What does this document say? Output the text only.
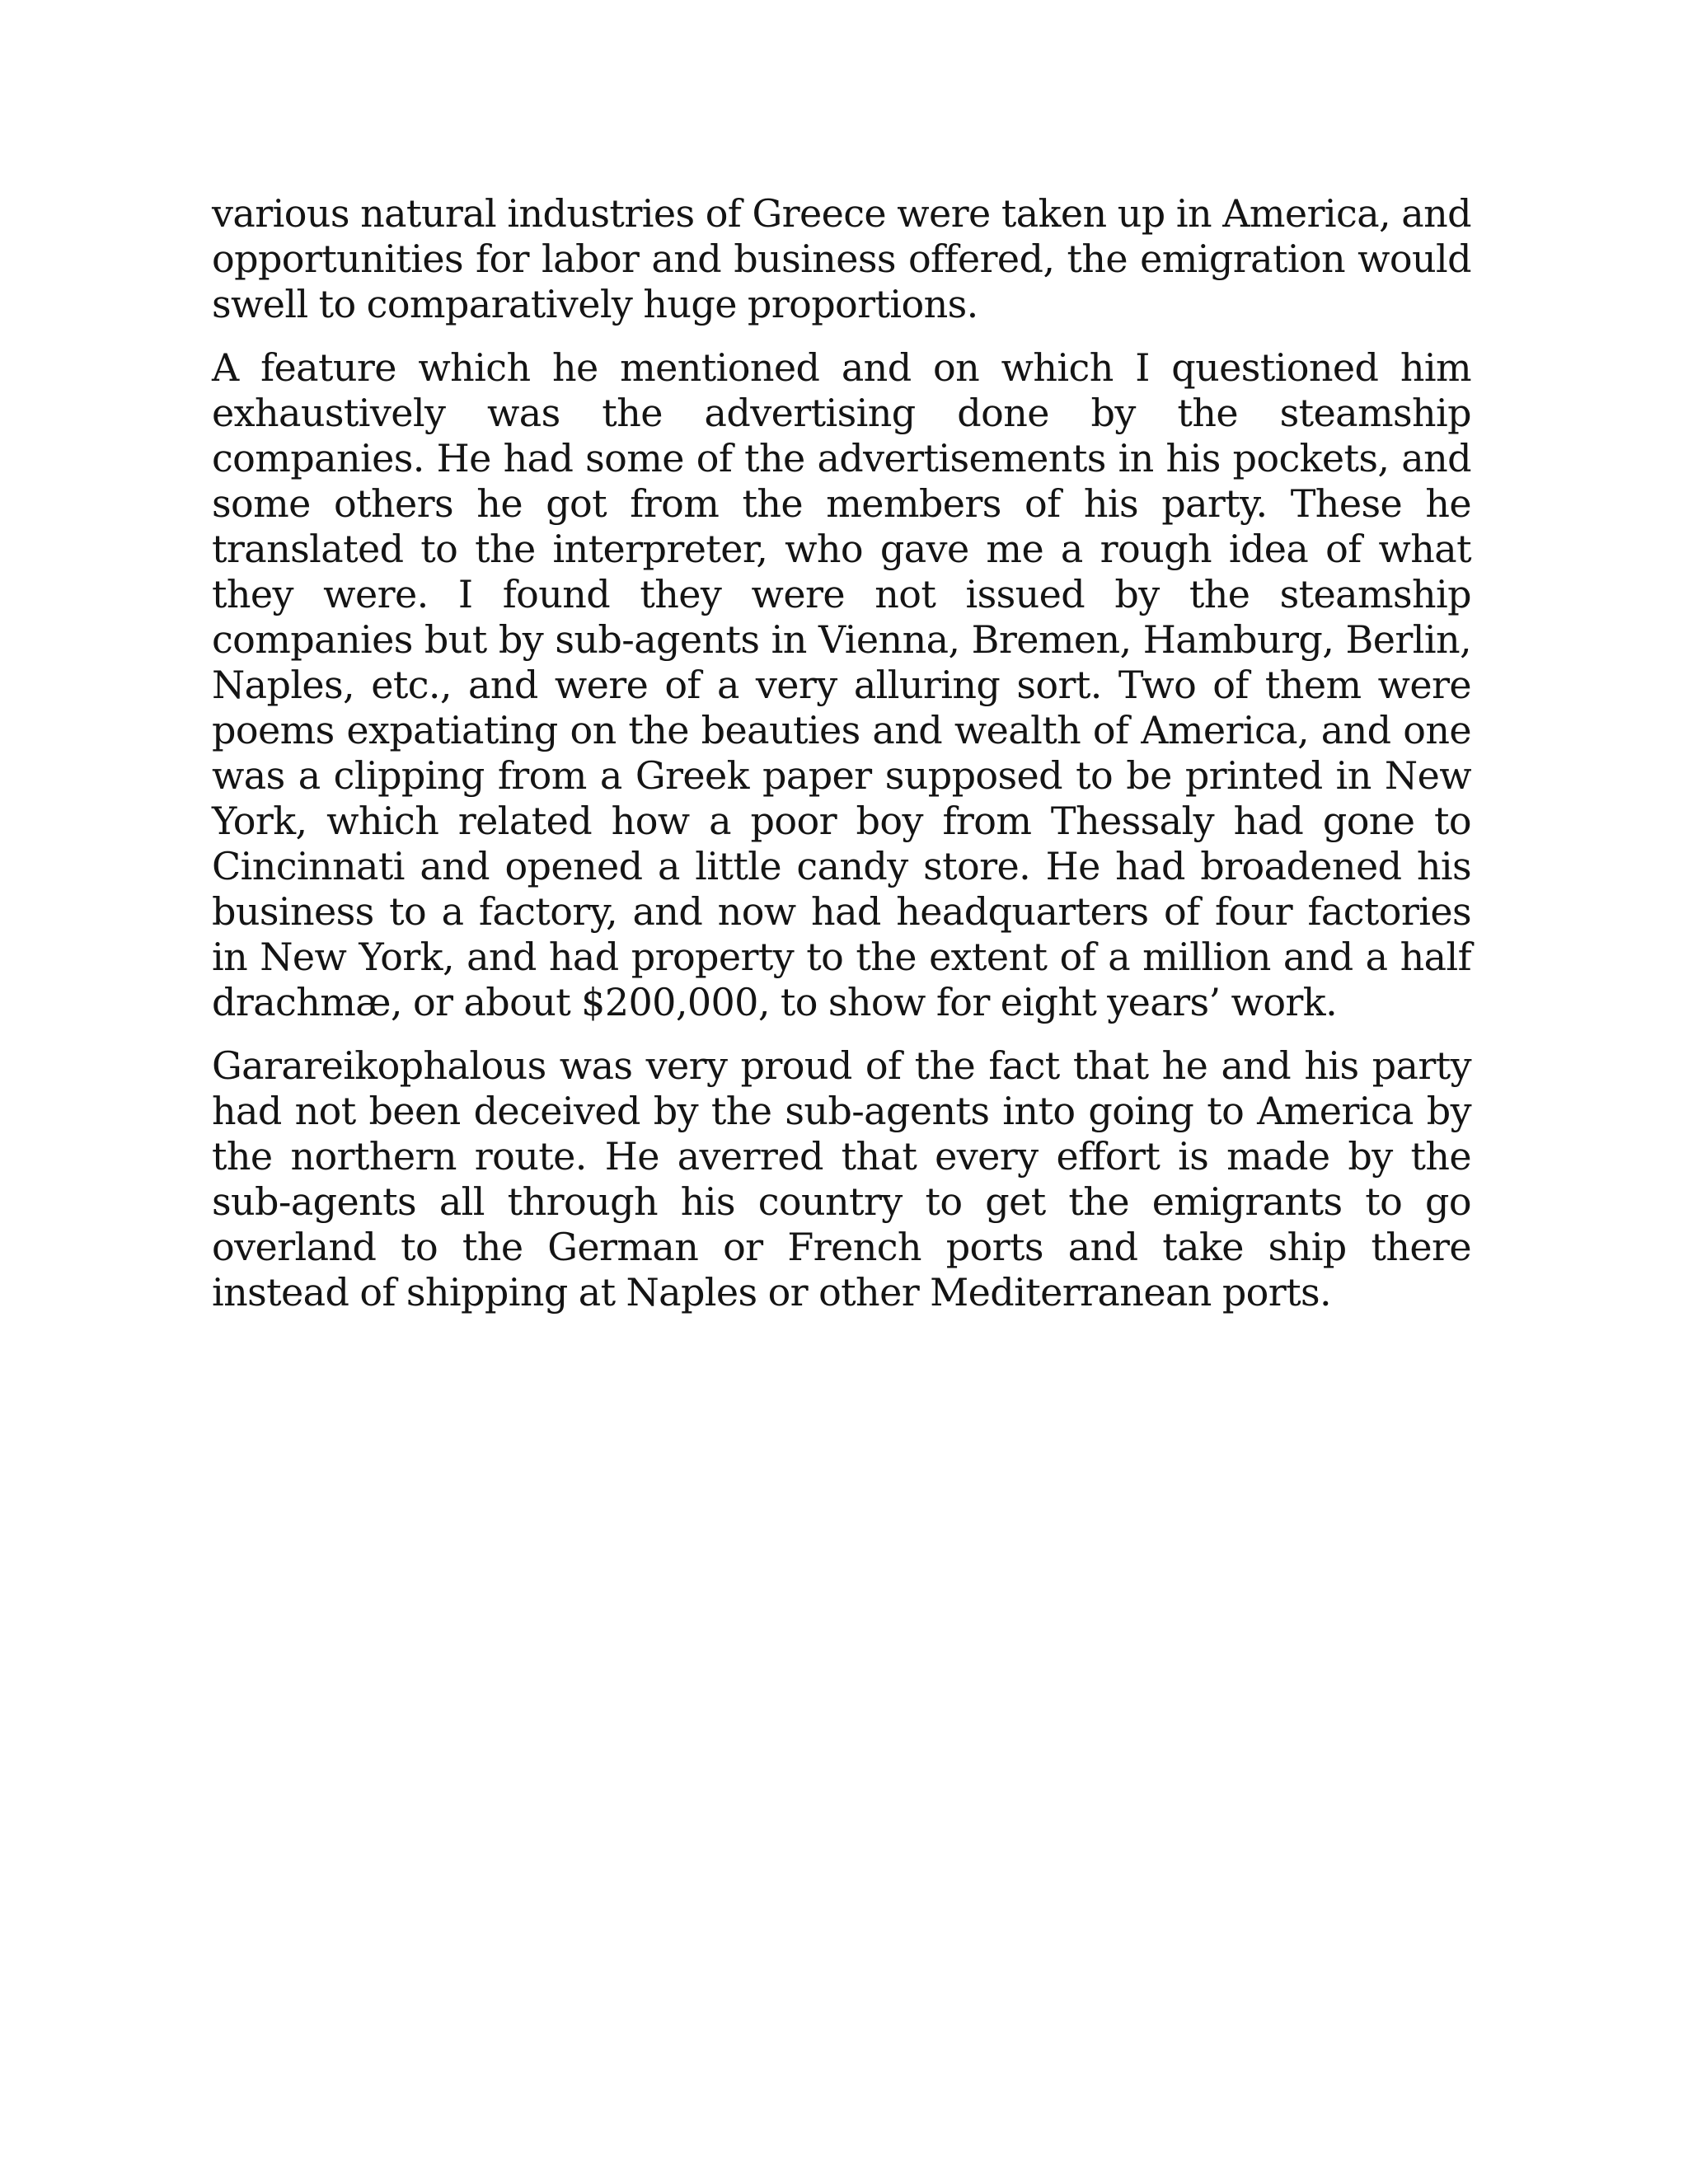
various natural industries of Greece were taken up in America, and opportunities for labor and business offered, the emigration would swell to comparatively huge proportions.

A feature which he mentioned and on which I questioned him exhaustively was the advertising done by the steamship companies. He had some of the advertisements in his pockets, and some others he got from the members of his party. These he translated to the interpreter, who gave me a rough idea of what they were. I found they were not issued by the steamship companies but by sub-agents in Vienna, Bremen, Hamburg, Berlin, Naples, etc., and were of a very alluring sort. Two of them were poems expatiating on the beauties and wealth of America, and one was a clipping from a Greek paper supposed to be printed in New York, which related how a poor boy from Thessaly had gone to Cincinnati and opened a little candy store. He had broadened his business to a factory, and now had headquarters of four factories in New York, and had property to the extent of a million and a half drachmæ, or about $200,000, to show for eight years’ work.

Garareikophalous was very proud of the fact that he and his party had not been deceived by the sub-agents into going to America by the northern route. He averred that every effort is made by the sub-agents all through his country to get the emigrants to go overland to the German or French ports and take ship there instead of shipping at Naples or other Mediterranean ports.
